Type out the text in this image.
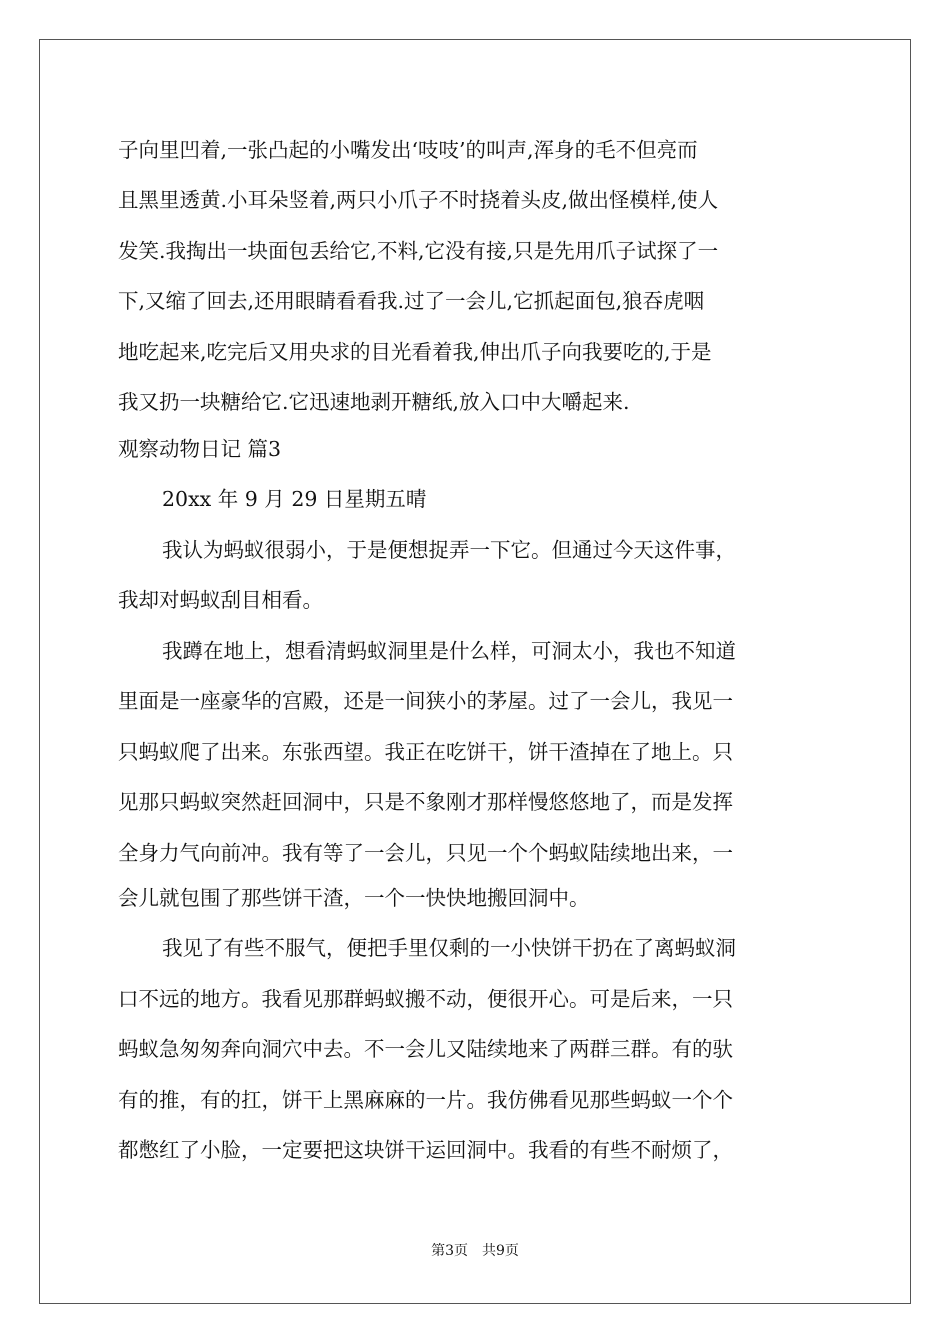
子向里凹着,一张凸起的小嘴发出‘吱吱’的叫声,浑身的毛不但亮而
且黑里透黄.小耳朵竖着,两只小爪子不时挠着头皮,做出怪模样,使人
发笑.我掏出一块面包丢给它,不料,它没有接,只是先用爪子试探了一
下,又缩了回去,还用眼睛看看我.过了一会儿,它抓起面包,狼吞虎咽
地吃起来,吃完后又用央求的目光看着我,伸出爪子向我要吃的,于是
我又扔一块糖给它.它迅速地剥开糖纸,放入口中大嚼起来.
观察动物日记 篇3
20xx 年 9 月 29 日星期五晴
我认为蚂蚁很弱小，于是便想捉弄一下它。但通过今天这件事，
我却对蚂蚁刮目相看。
我蹲在地上，想看清蚂蚁洞里是什么样，可洞太小，我也不知道
里面是一座豪华的宫殿，还是一间狭小的茅屋。过了一会儿，我见一
只蚂蚁爬了出来。东张西望。我正在吃饼干，饼干渣掉在了地上。只
见那只蚂蚁突然赶回洞中，只是不象刚才那样慢悠悠地了，而是发挥
全身力气向前冲。我有等了一会儿，只见一个个蚂蚁陆续地出来，一
会儿就包围了那些饼干渣，一个一快快地搬回洞中。
我见了有些不服气，便把手里仅剩的一小快饼干扔在了离蚂蚁洞
口不远的地方。我看见那群蚂蚁搬不动，便很开心。可是后来，一只
蚂蚁急匆匆奔向洞穴中去。不一会儿又陆续地来了两群三群。有的驮
有的推，有的扛，饼干上黑麻麻的一片。我仿佛看见那些蚂蚁一个个
都憋红了小脸，一定要把这块饼干运回洞中。我看的有些不耐烦了，
第3页 共9页
